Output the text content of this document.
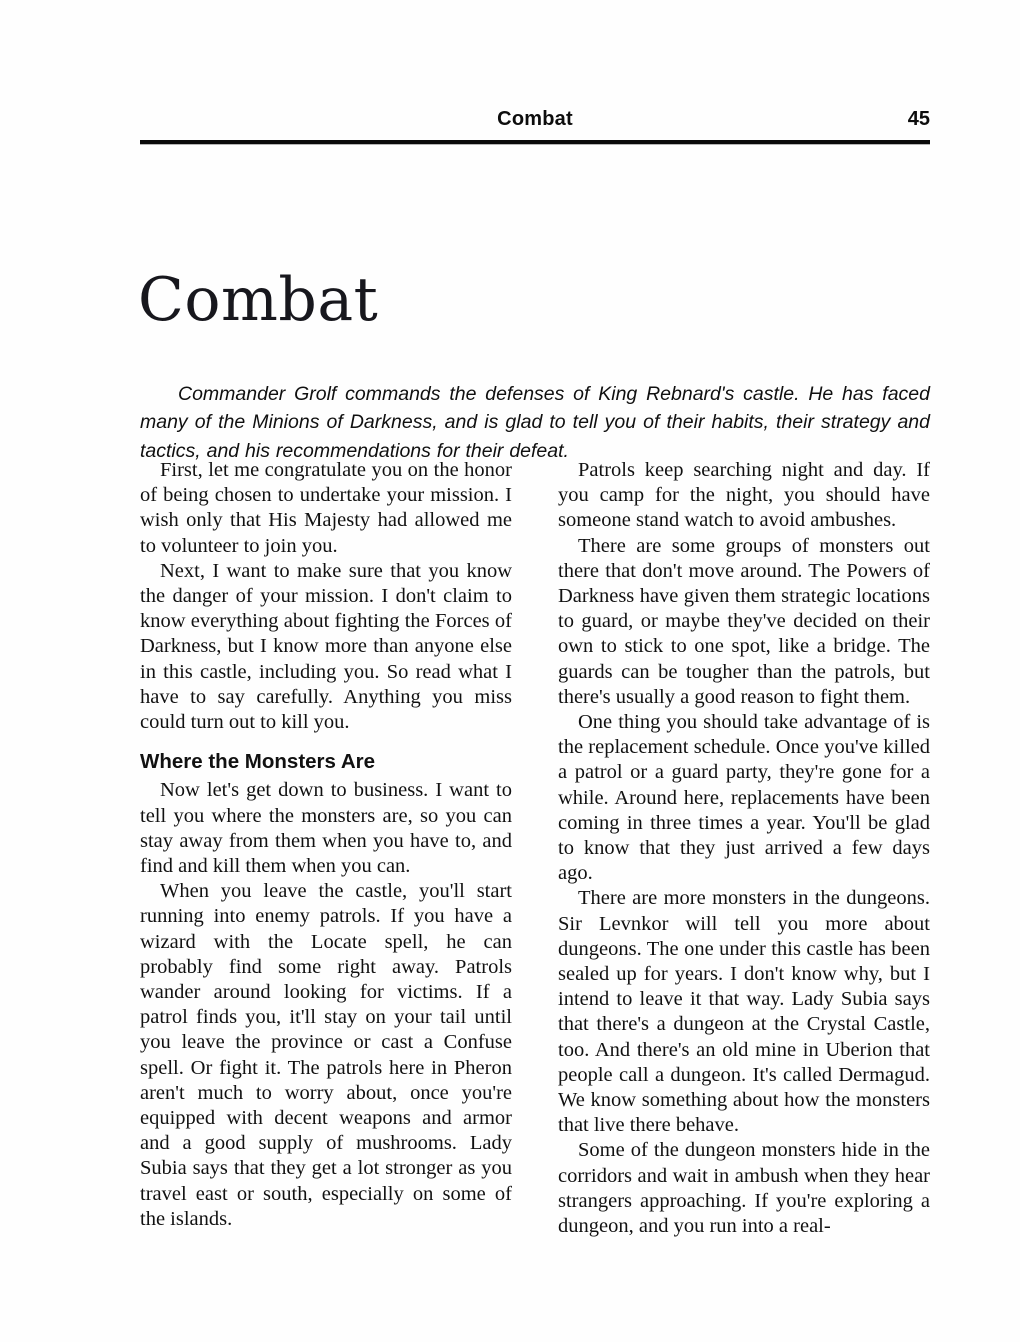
Combat	45
Combat

Commander Grolf commands the defenses of King Rebnard's castle. He has faced many of the Minions of Darkness, and is glad to tell you of their habits, their strategy and tactics, and his recommendations for their defeat.

First, let me congratulate you on the honor of being chosen to undertake your mission. I wish only that His Majesty had allowed me to volunteer to join you.

Next, I want to make sure that you know the danger of your mission. I don't claim to know everything about fighting the Forces of Darkness, but I know more than anyone else in this castle, including you. So read what I have to say carefully. Anything you miss could turn out to kill you.

Where the Monsters Are

Now let's get down to business. I want to tell you where the monsters are, so you can stay away from them when you have to, and find and kill them when you can.

When you leave the castle, you'll start running into enemy patrols. If you have a wizard with the Locate spell, he can probably find some right away. Patrols wander around looking for victims. If a patrol finds you, it'll stay on your tail until you leave the province or cast a Confuse spell. Or fight it. The patrols here in Pheron aren't much to worry about, once you're equipped with decent weapons and armor and a good supply of mushrooms. Lady Subia says that they get a lot stronger as you travel east or south, especially on some of the islands.

Patrols keep searching night and day. If you camp for the night, you should have someone stand watch to avoid ambushes.

There are some groups of monsters out there that don't move around. The Powers of Darkness have given them strategic locations to guard, or maybe they've decided on their own to stick to one spot, like a bridge. The guards can be tougher than the patrols, but there's usually a good reason to fight them.

One thing you should take advantage of is the replacement schedule. Once you've killed a patrol or a guard party, they're gone for a while. Around here, replacements have been coming in three times a year. You'll be glad to know that they just arrived a few days ago.

There are more monsters in the dungeons. Sir Levnkor will tell you more about dungeons. The one under this castle has been sealed up for years. I don't know why, but I intend to leave it that way. Lady Subia says that there's a dungeon at the Crystal Castle, too. And there's an old mine in Uberion that people call a dungeon. It's called Dermagud. We know something about how the monsters that live there behave.

Some of the dungeon monsters hide in the corridors and wait in ambush when they hear strangers approaching. If you're exploring a dungeon, and you run into a real-
